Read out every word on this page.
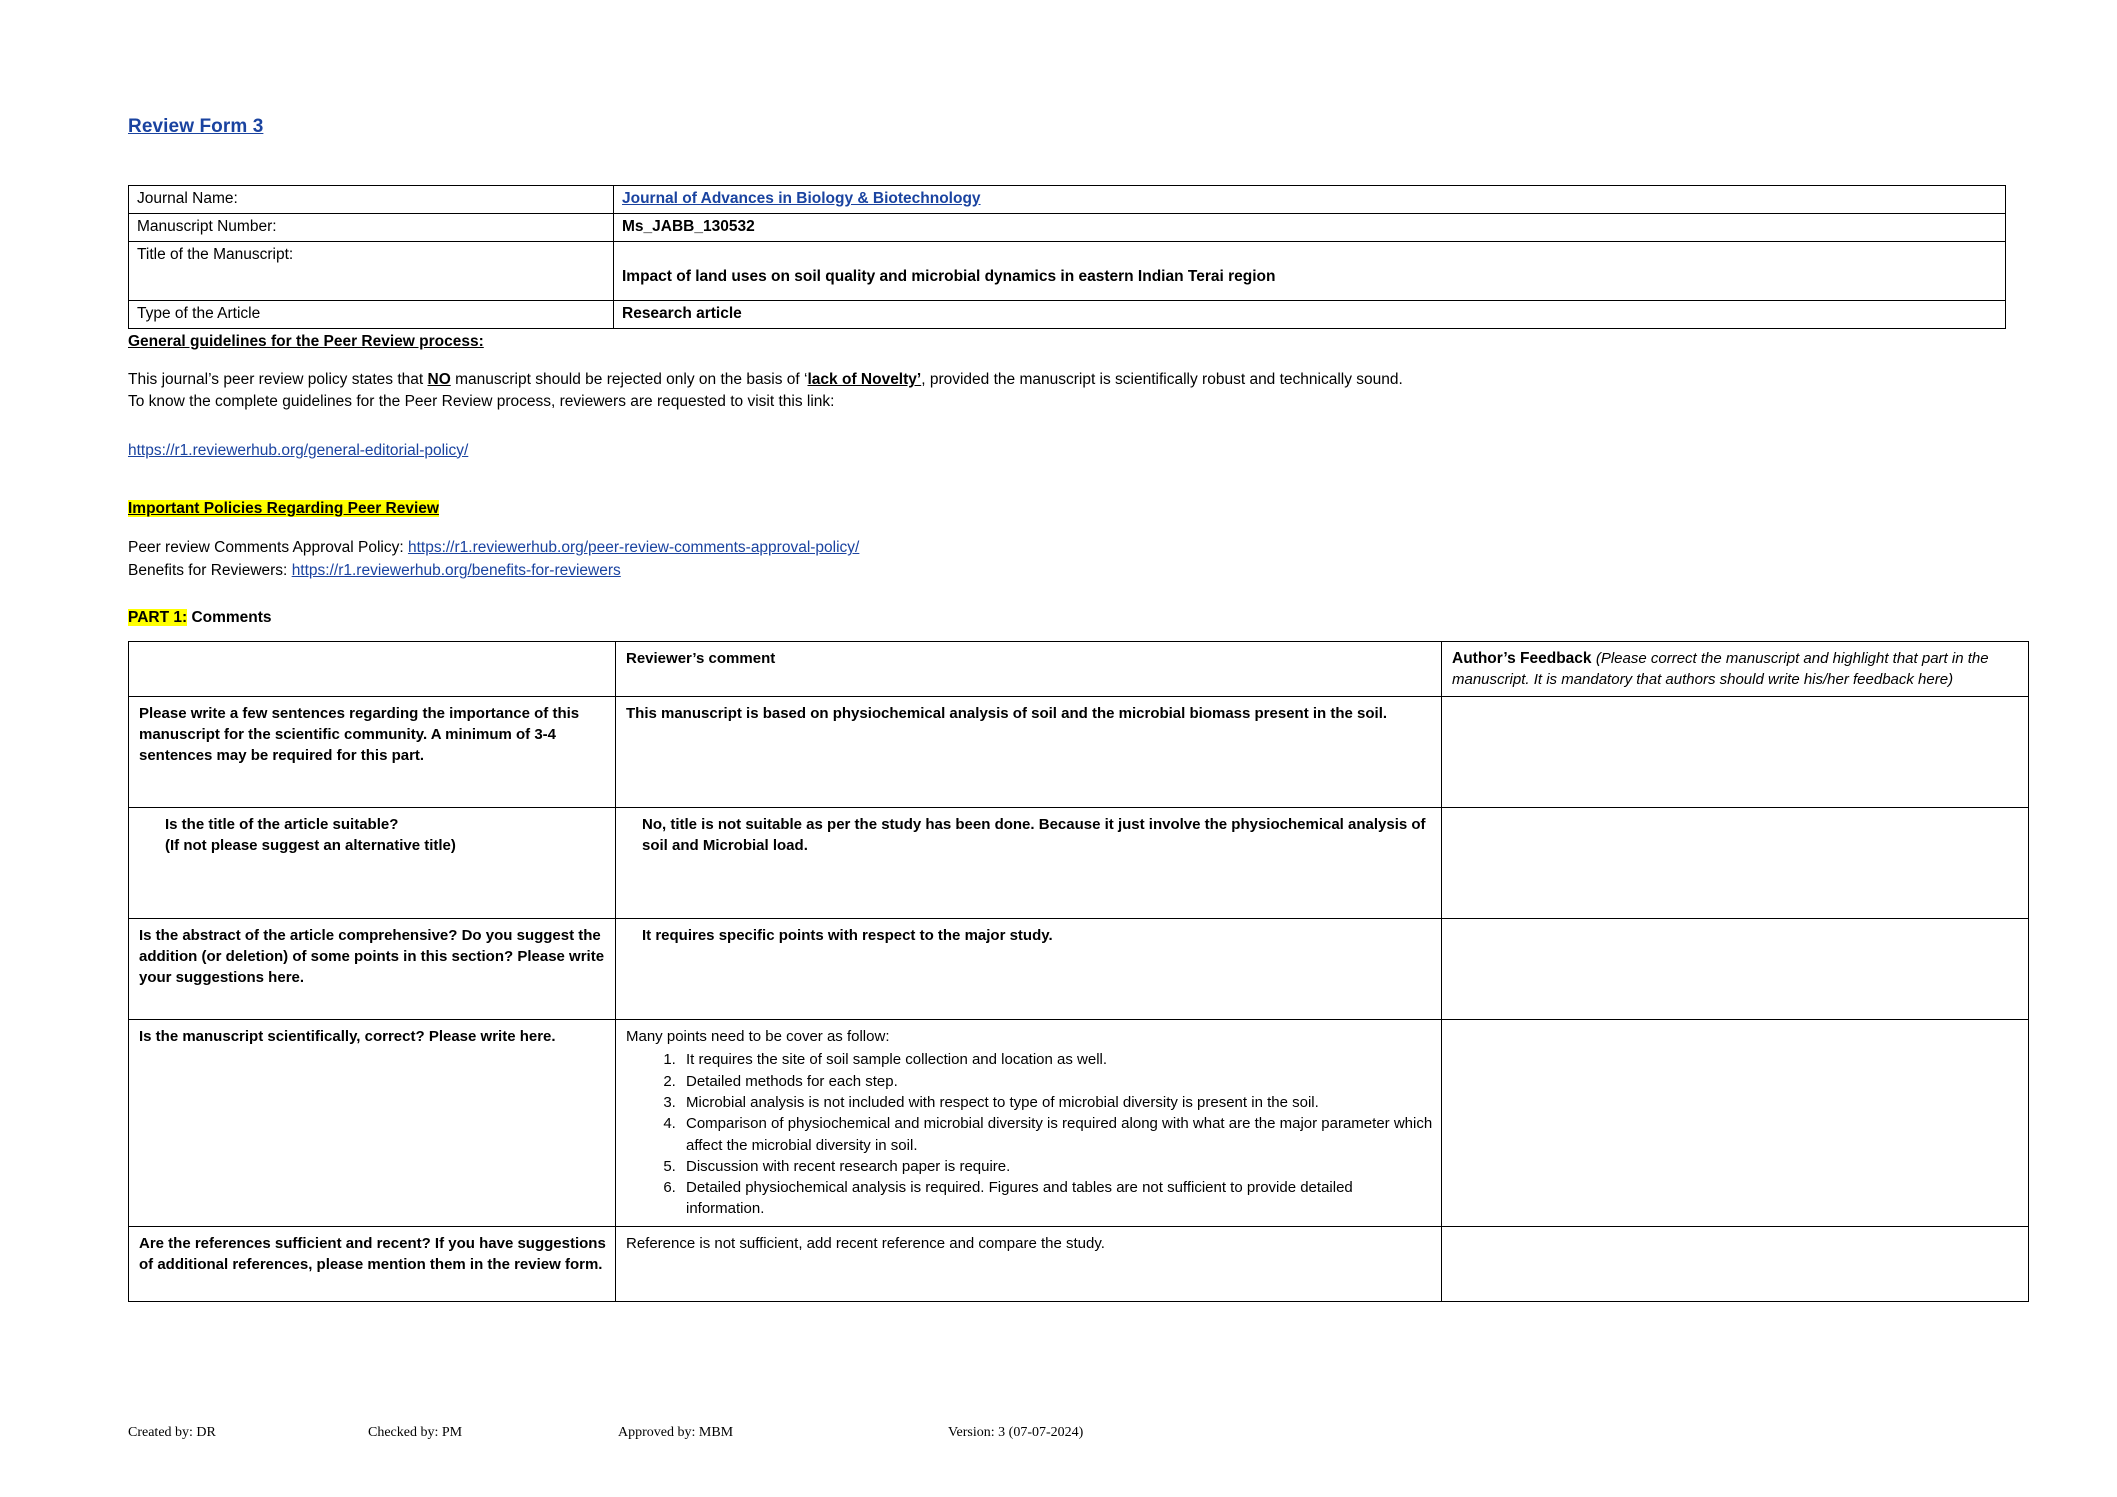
Review Form 3
Journal Name:	Journal of Advances in Biology & Biotechnology
Manuscript Number:	Ms_JABB_130532
Title of the Manuscript:	Impact of land uses on soil quality and microbial dynamics in eastern Indian Terai region

Type of the Article	Research article
General guidelines for the Peer Review process:

This journal’s peer review policy states that NO manuscript should be rejected only on the basis of ‘lack of Novelty’, provided the manuscript is scientifically robust and technically sound.

To know the complete guidelines for the Peer Review process, reviewers are requested to visit this link:

https://r1.reviewerhub.org/general-editorial-policy/

Important Policies Regarding Peer Review
Peer review Comments Approval Policy: https://r1.reviewerhub.org/peer-review-comments-approval-policy/
Benefits for Reviewers: https://r1.reviewerhub.org/benefits-for-reviewers
PART 1: Comments
	Reviewer’s comment	Author’s Feedback (Please correct the manuscript and highlight that part in the manuscript. It is mandatory that authors should write his/her feedback here)
Please write a few sentences regarding the importance of this manuscript for the scientific community. A minimum of 3-4 sentences may be required for this part.	This manuscript is based on physiochemical analysis of soil and the microbial biomass present in the soil.	

Is the title of the article suitable?
(If not please suggest an alternative title)	No, title is not suitable as per the study has been done. Because it just involve the physiochemical analysis of soil and Microbial load.	
Is the abstract of the article comprehensive? Do you suggest the addition (or deletion) of some points in this section? Please write your suggestions here.	It requires specific points with respect to the major study.	
Is the manuscript scientifically, correct? Please write here.	Many points need to be cover as follow:
1. It requires the site of soil sample collection and location as well.
2. Detailed methods for each step.
3. Microbial analysis is not included with respect to type of microbial diversity is present in the soil.
4. Comparison of physiochemical and microbial diversity is required along with what are the major parameter which affect the microbial diversity in soil.
5. Discussion with recent research paper is require.
6. Detailed physiochemical analysis is required. Figures and tables are not sufficient to provide detailed information.

Are the references sufficient and recent? If you have suggestions of additional references, please mention them in the review form.	Reference is not sufficient, add recent reference and compare the study.	
Created by: DR	Checked by: PM	Approved by: MBM	Version: 3 (07-07-2024)
